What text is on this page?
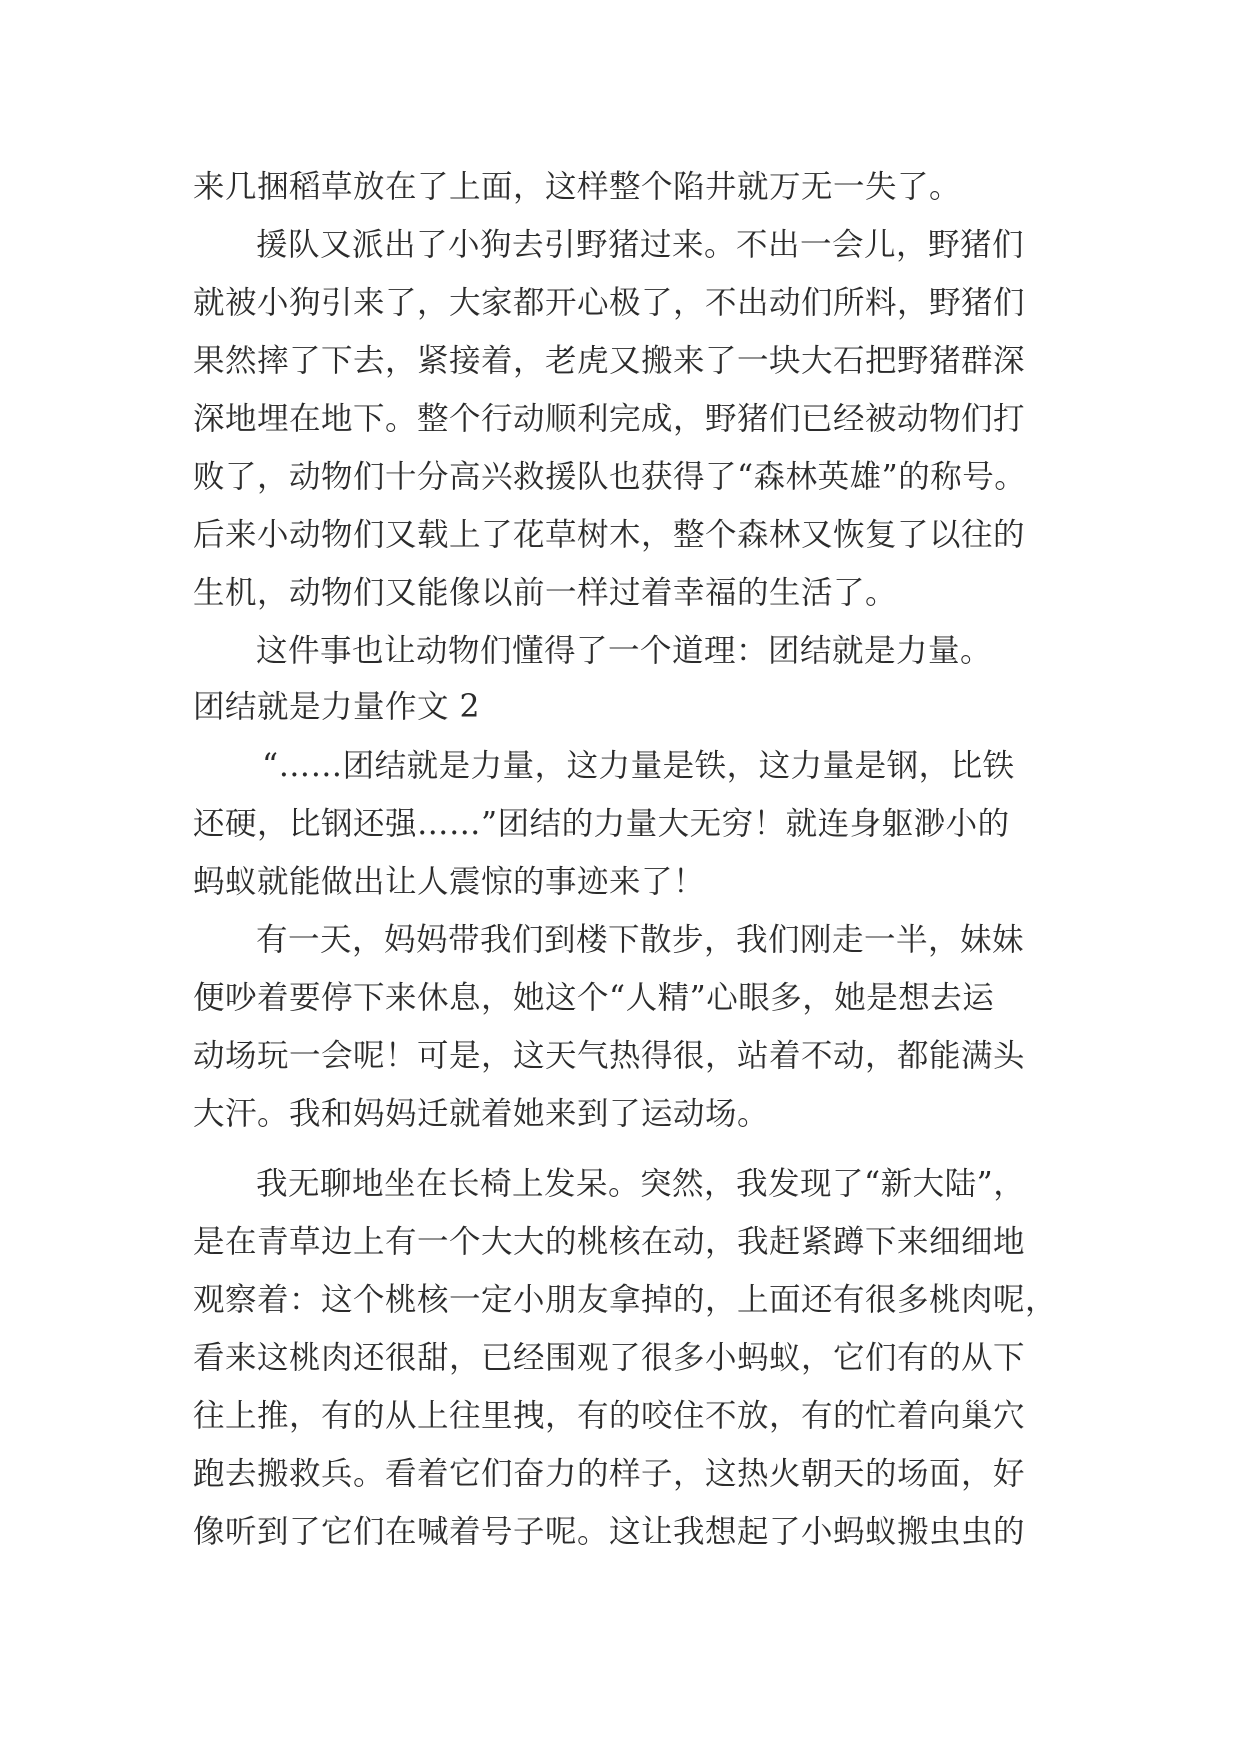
来几捆稻草放在了上面，这样整个陷井就万无一失了。
援队又派出了小狗去引野猪过来。不出一会儿，野猪们
就被小狗引来了，大家都开心极了，不出动们所料，野猪们
果然摔了下去，紧接着，老虎又搬来了一块大石把野猪群深
深地埋在地下。整个行动顺利完成，野猪们已经被动物们打
败了，动物们十分高兴救援队也获得了“森林英雄”的称号。
后来小动物们又载上了花草树木，整个森林又恢复了以往的
生机，动物们又能像以前一样过着幸福的生活了。
这件事也让动物们懂得了一个道理：团结就是力量。
团结就是力量作文 2
“……团结就是力量，这力量是铁，这力量是钢，比铁
还硬，比钢还强……”团结的力量大无穷！就连身躯渺小的
蚂蚁就能做出让人震惊的事迹来了！
有一天，妈妈带我们到楼下散步，我们刚走一半，妹妹
便吵着要停下来休息，她这个“人精”心眼多，她是想去运
动场玩一会呢！可是，这天气热得很，站着不动，都能满头
大汗。我和妈妈迁就着她来到了运动场。
我无聊地坐在长椅上发呆。突然，我发现了“新大陆”，
是在青草边上有一个大大的桃核在动，我赶紧蹲下来细细地
观察着：这个桃核一定小朋友拿掉的，上面还有很多桃肉呢，
看来这桃肉还很甜，已经围观了很多小蚂蚁，它们有的从下
往上推，有的从上往里拽，有的咬住不放，有的忙着向巢穴
跑去搬救兵。看着它们奋力的样子，这热火朝天的场面，好
像听到了它们在喊着号子呢。这让我想起了小蚂蚁搬虫虫的
